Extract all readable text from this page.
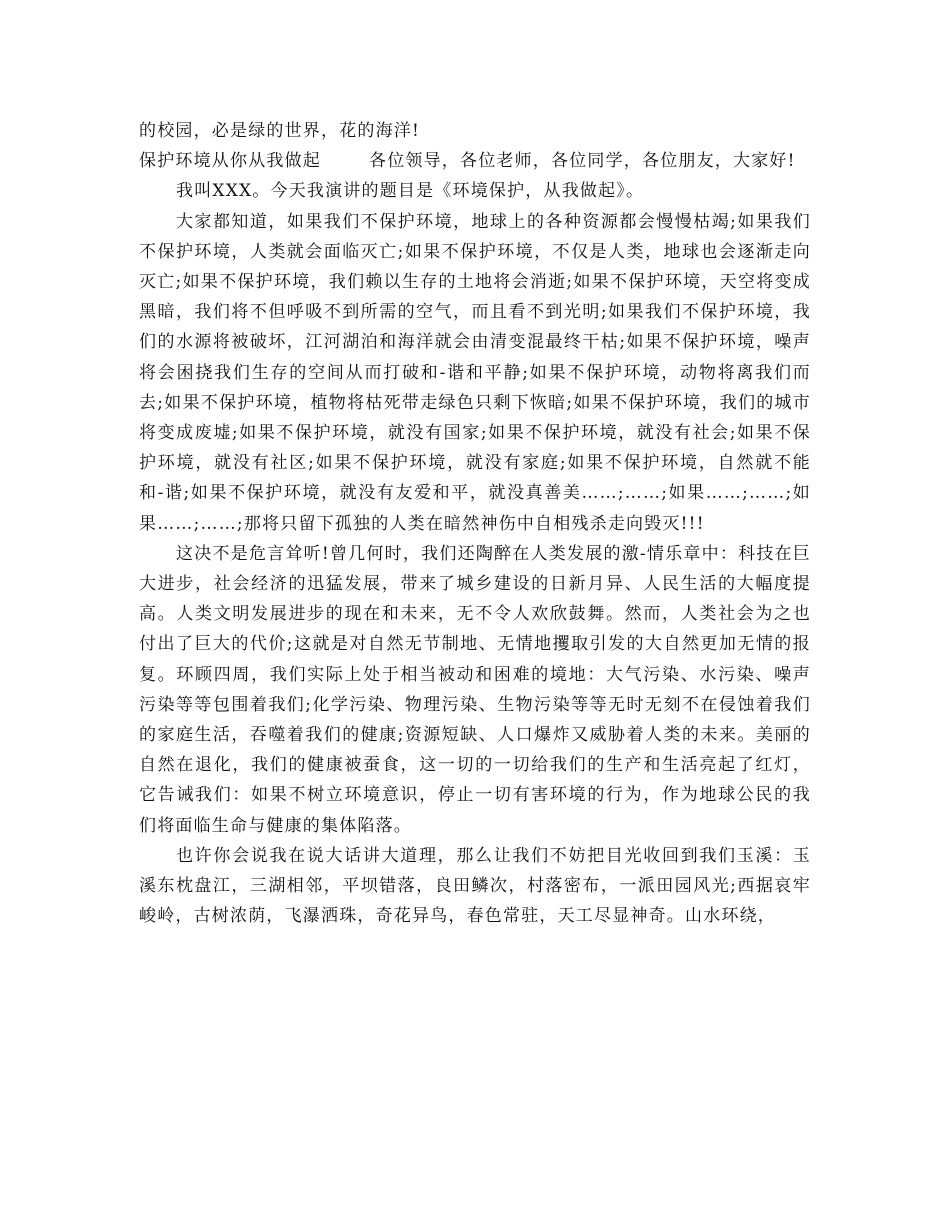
的校园，必是绿的世界，花的海洋!

保护环境从你从我做起	各位领导，各位老师，各位同学，各位朋友，大家好!

我叫XXX。今天我演讲的题目是《环境保护，从我做起》。

大家都知道，如果我们不保护环境，地球上的各种资源都会慢慢枯竭;如果我们不保护环境，人类就会面临灭亡;如果不保护环境，不仅是人类，地球也会逐渐走向灭亡;如果不保护环境，我们赖以生存的土地将会消逝;如果不保护环境，天空将变成黑暗，我们将不但呼吸不到所需的空气，而且看不到光明;如果我们不保护环境，我们的水源将被破坏，江河湖泊和海洋就会由清变混最终干枯;如果不保护环境，噪声将会困挠我们生存的空间从而打破和-谐和平静;如果不保护环境，动物将离我们而去;如果不保护环境，植物将枯死带走绿色只剩下恢暗;如果不保护环境，我们的城市将变成废墟;如果不保护环境，就没有国家;如果不保护环境，就没有社会;如果不保护环境，就没有社区;如果不保护环境，就没有家庭;如果不保护环境，自然就不能和-谐;如果不保护环境，就没有友爱和平，就没真善美……;……;如果……;……;如果……;……;那将只留下孤独的人类在暗然神伤中自相残杀走向毁灭!!!

这决不是危言耸听!曾几何时，我们还陶醉在人类发展的激-情乐章中：科技在巨大进步，社会经济的迅猛发展，带来了城乡建设的日新月异、人民生活的大幅度提高。人类文明发展进步的现在和未来，无不令人欢欣鼓舞。然而，人类社会为之也付出了巨大的代价;这就是对自然无节制地、无情地攫取引发的大自然更加无情的报复。环顾四周，我们实际上处于相当被动和困难的境地：大气污染、水污染、噪声污染等等包围着我们;化学污染、物理污染、生物污染等等无时无刻不在侵蚀着我们的家庭生活，吞噬着我们的健康;资源短缺、人口爆炸又威胁着人类的未来。美丽的自然在退化，我们的健康被蚕食，这一切的一切给我们的生产和生活亮起了红灯，它告诫我们：如果不树立环境意识，停止一切有害环境的行为，作为地球公民的我们将面临生命与健康的集体陷落。

也许你会说我在说大话讲大道理，那么让我们不妨把目光收回到我们玉溪：玉溪东枕盘江，三湖相邻，平坝错落，良田鳞次，村落密布，一派田园风光;西据哀牢峻岭，古树浓荫，飞瀑洒珠，奇花异鸟，春色常驻，天工尽显神奇。山水环绕，
